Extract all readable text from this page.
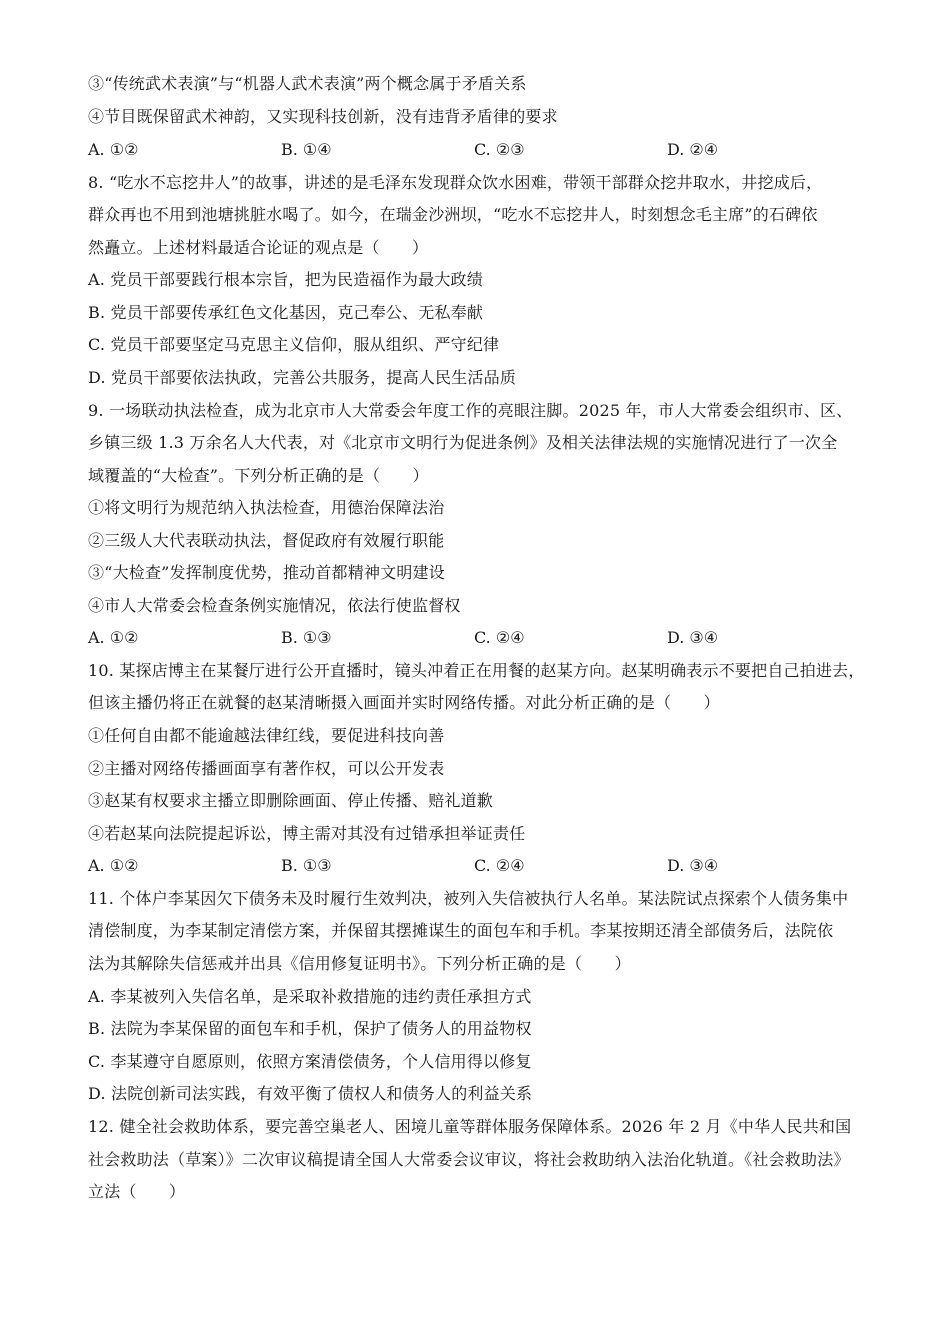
③“传统武术表演”与“机器人武术表演”两个概念属于矛盾关系
④节目既保留武术神韵，又实现科技创新，没有违背矛盾律的要求
A. ①②	B. ①④	C. ②③	D. ②④
8. “吃水不忘挖井人”的故事，讲述的是毛泽东发现群众饮水困难，带领干部群众挖井取水，井挖成后，
群众再也不用到池塘挑脏水喝了。如今，在瑞金沙洲坝，“吃水不忘挖井人，时刻想念毛主席”的石碑依
然矗立。上述材料最适合论证的观点是（　　）
A. 党员干部要践行根本宗旨，把为民造福作为最大政绩
B. 党员干部要传承红色文化基因，克己奉公、无私奉献
C. 党员干部要坚定马克思主义信仰，服从组织、严守纪律
D. 党员干部要依法执政，完善公共服务，提高人民生活品质
9. 一场联动执法检查，成为北京市人大常委会年度工作的亮眼注脚。2025 年，市人大常委会组织市、区、
乡镇三级 1.3 万余名人大代表，对《北京市文明行为促进条例》及相关法律法规的实施情况进行了一次全
域覆盖的“大检查”。下列分析正确的是（　　）
①将文明行为规范纳入执法检查，用德治保障法治
②三级人大代表联动执法，督促政府有效履行职能
③“大检查”发挥制度优势，推动首都精神文明建设
④市人大常委会检查条例实施情况，依法行使监督权
A. ①②	B. ①③	C. ②④	D. ③④
10. 某探店博主在某餐厅进行公开直播时，镜头冲着正在用餐的赵某方向。赵某明确表示不要把自己拍进去，
但该主播仍将正在就餐的赵某清晰摄入画面并实时网络传播。对此分析正确的是（　　）
①任何自由都不能逾越法律红线，要促进科技向善
②主播对网络传播画面享有著作权，可以公开发表
③赵某有权要求主播立即删除画面、停止传播、赔礼道歉
④若赵某向法院提起诉讼，博主需对其没有过错承担举证责任
A. ①②	B. ①③	C. ②④	D. ③④
11. 个体户李某因欠下债务未及时履行生效判决，被列入失信被执行人名单。某法院试点探索个人债务集中
清偿制度，为李某制定清偿方案，并保留其摆摊谋生的面包车和手机。李某按期还清全部债务后，法院依
法为其解除失信惩戒并出具《信用修复证明书》。下列分析正确的是（　　）
A. 李某被列入失信名单，是采取补救措施的违约责任承担方式
B. 法院为李某保留的面包车和手机，保护了债务人的用益物权
C. 李某遵守自愿原则，依照方案清偿债务，个人信用得以修复
D. 法院创新司法实践，有效平衡了债权人和债务人的利益关系
12. 健全社会救助体系，要完善空巢老人、困境儿童等群体服务保障体系。2026 年 2 月《中华人民共和国
社会救助法（草案）》二次审议稿提请全国人大常委会议审议，将社会救助纳入法治化轨道。《社会救助法》
立法（　　）
